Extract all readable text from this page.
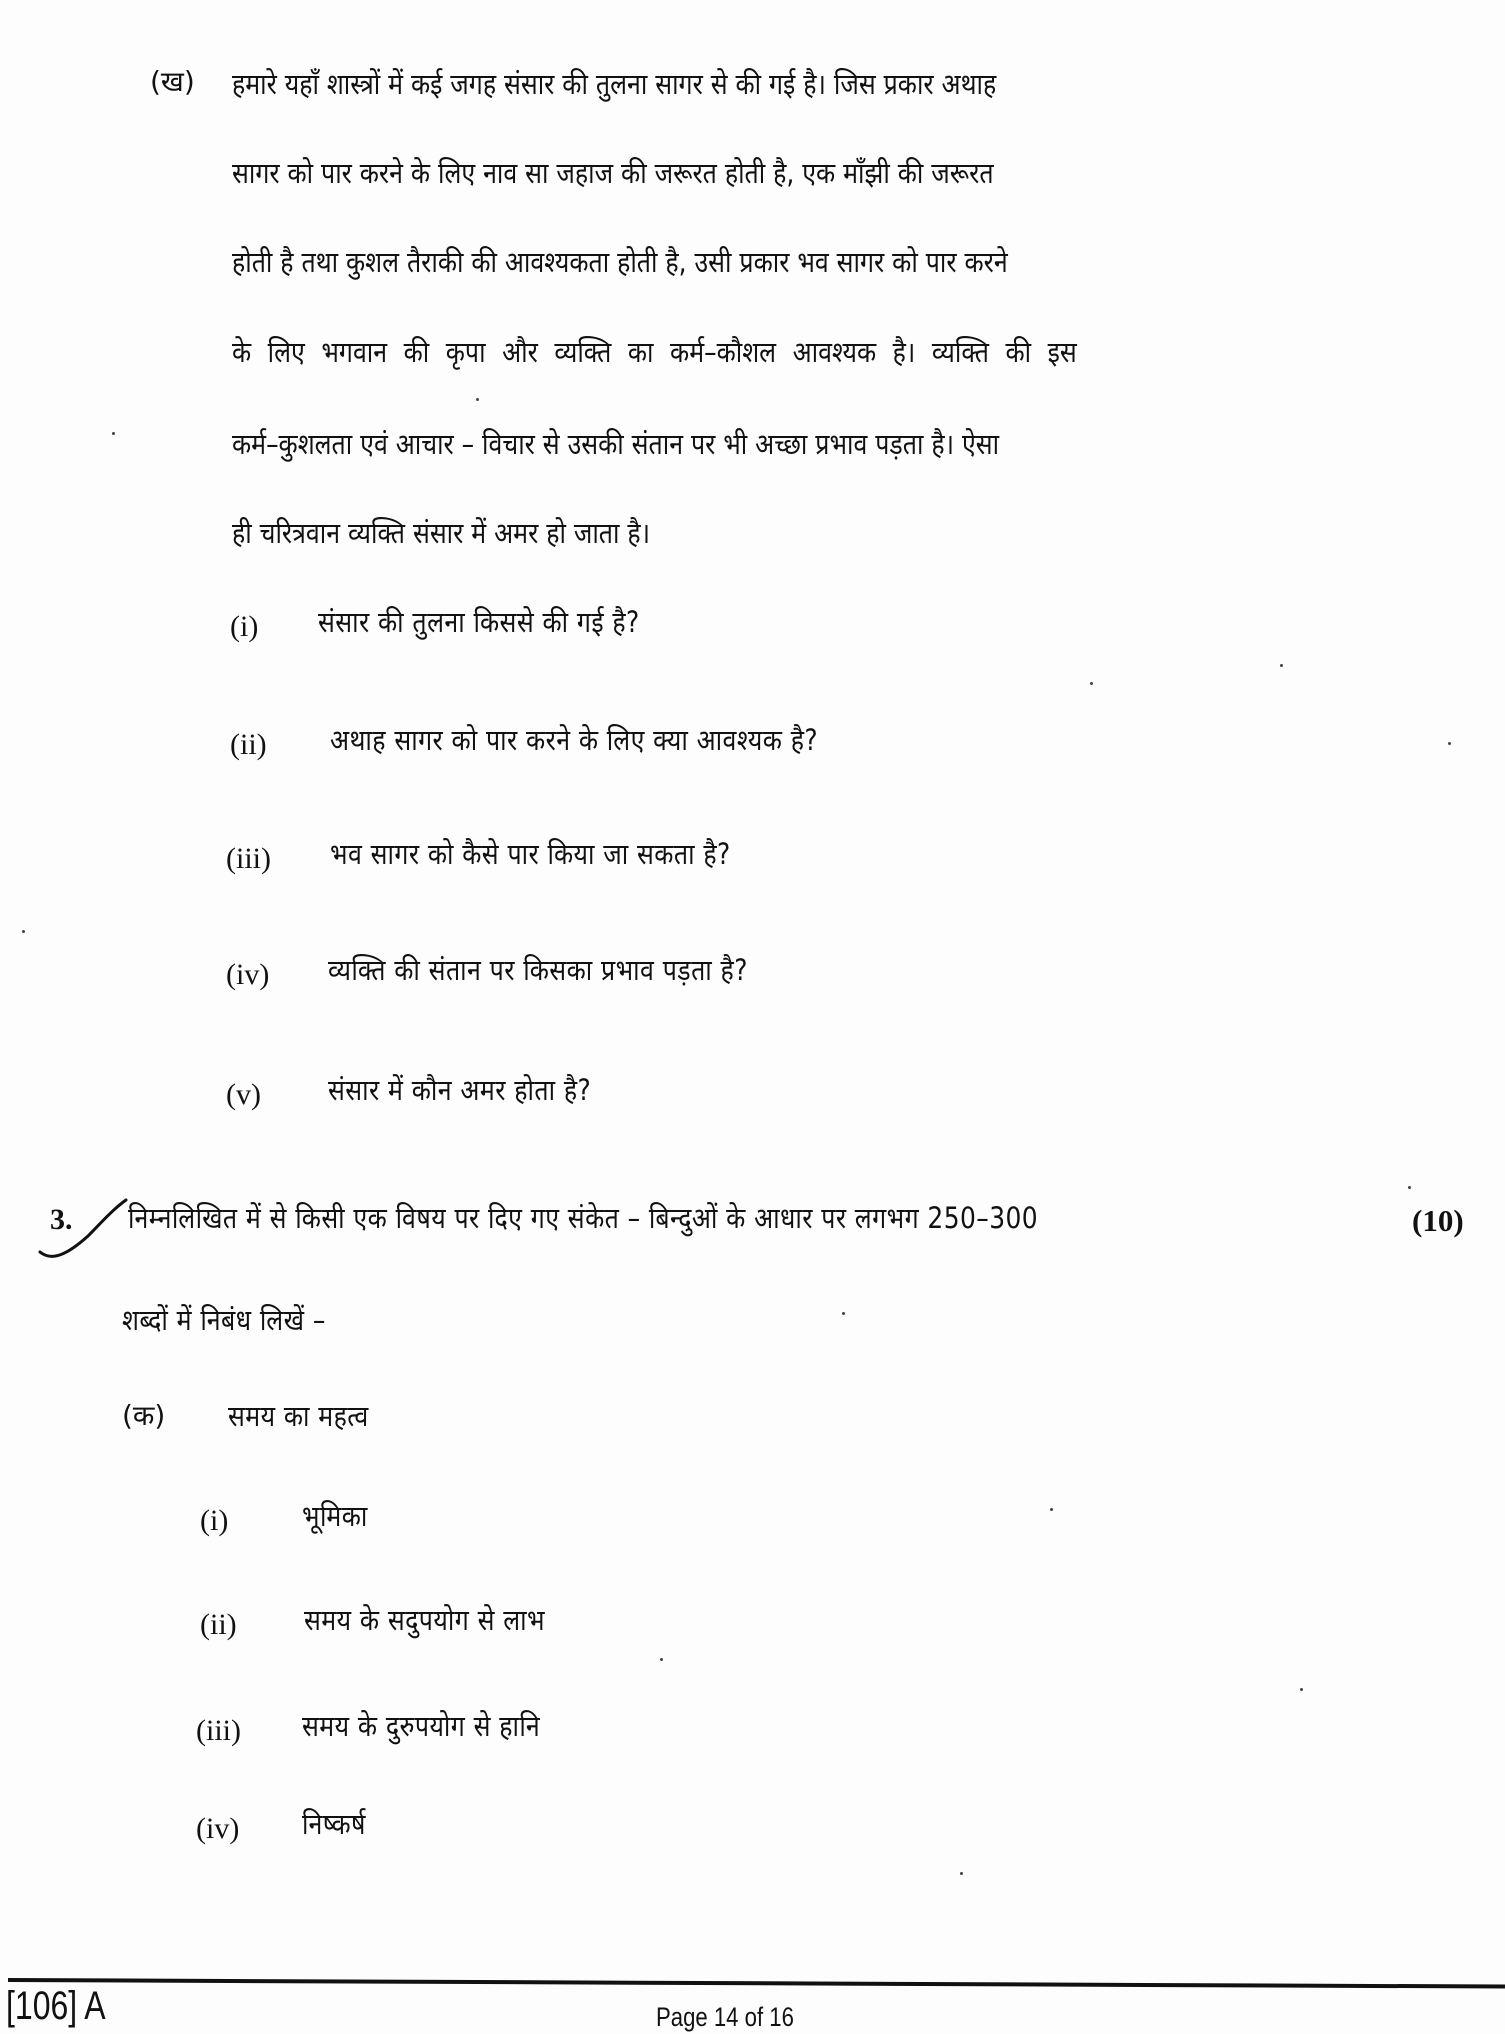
(ख) हमारे यहाँ शास्त्रों में कई जगह संसार की तुलना सागर से की गई है। जिस प्रकार अथाह
सागर को पार करने के लिए नाव सा जहाज की जरूरत होती है, एक माँझी की जरूरत
होती है तथा कुशल तैराकी की आवश्यकता होती है, उसी प्रकार भव सागर को पार करने
के लिए भगवान की कृपा और व्यक्ति का कर्म–कौशल आवश्यक है। व्यक्ति की इस
कर्म–कुशलता एवं आचार – विचार से उसकी संतान पर भी अच्छा प्रभाव पड़ता है। ऐसा
ही चरित्रवान व्यक्ति संसार में अमर हो जाता है।
(i) संसार की तुलना किससे की गई है?
(ii) अथाह सागर को पार करने के लिए क्या आवश्यक है?
(iii) भव सागर को कैसे पार किया जा सकता है?
(iv) व्यक्ति की संतान पर किसका प्रभाव पड़ता है?
(v) संसार में कौन अमर होता है?
3. निम्नलिखित में से किसी एक विषय पर दिए गए संकेत – बिन्दुओं के आधार पर लगभग 250–300	(10)
शब्दों में निबंध लिखें –
(क) समय का महत्व
(i)	भूमिका
(ii) समय के सदुपयोग से लाभ
(iii) समय के दुरुपयोग से हानि
(iv) निष्कर्ष
[106] A	Page 14 of 16
